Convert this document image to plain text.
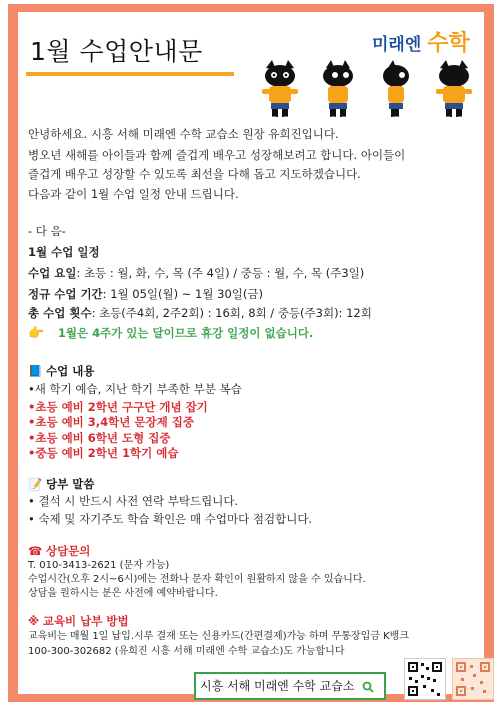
1월 수업안내문	미래엔 수학
안녕하세요. 시흥 서해 미래엔 수학 교습소 원장 유희진입니다.
병오년 새해를 아이들과 함께 즐겁게 배우고 성장해보려고 합니다. 아이들이
즐겁게 배우고 성장할 수 있도록 최선을 다해 돕고 지도하겠습니다.
다음과 같이 1월 수업 일정 안내 드립니다.
- 다 음-
1월 수업 일정
수업 요일: 초등 : 월, 화, 수, 목 (주 4일) / 중등 : 월, 수, 목 (주3일)
정규 수업 기간: 1월 05일(월) ~ 1월 30일(금)
총 수업 횟수: 초등(주4회, 2주2회) : 16회, 8회 / 중등(주3회): 12회
👉 1월은 4주가 있는 달이므로 휴강 일정이 없습니다.
📘 수업 내용
•새 학기 예습, 지난 학기 부족한 부분 복습
•초등 예비 2학년 구구단 개념 잡기
•초등 예비 3,4학년 문장제 집중
•초등 예비 6학년 도형 집중
•중등 예비 2학년 1학기 예습
📝 당부 말씀
• 결석 시 반드시 사전 연락 부탁드립니다.
• 숙제 및 자기주도 학습 확인은 매 수업마다 점검합니다.
☎ 상담문의
T. 010-3413-2621 (문자 가능)
수업시간(오후 2시~6시)에는 전화나 문자 확인이 원활하지 않을 수 있습니다.
상담을 원하시는 분은 사전에 예약바랍니다.
※ 교육비 납부 방법
교육비는 매월 1일 납입.시루 결재 또는 신용카드(간편결제)가능 하며 무통장입금 K뱅크
100-300-302682 (유희진 시흥 서해 미래엔 수학 교습소)도 가능합니다
시흥 서해 미래엔 수학 교습소
